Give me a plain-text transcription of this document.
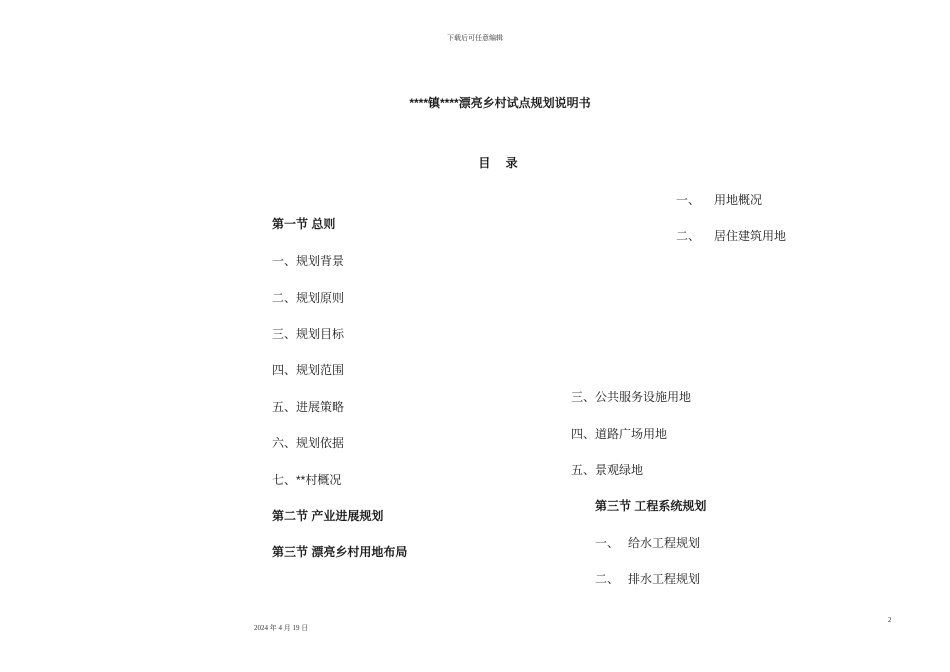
下载后可任意编辑
****镇****漂亮乡村试点规划说明书
目 录
第一节 总则
一、规划背景
二、规划原则
三、规划目标
四、规划范围
五、进展策略
六、规划依据
七、**村概况
第二节 产业进展规划
第三节 漂亮乡村用地布局
一、 用地概况
二、 居住建筑用地
三、公共服务设施用地
四、道路广场用地
五、景观绿地
第三节 工程系统规划
一、 给水工程规划
二、 排水工程规划
2
2024 年 4 月 19 日
